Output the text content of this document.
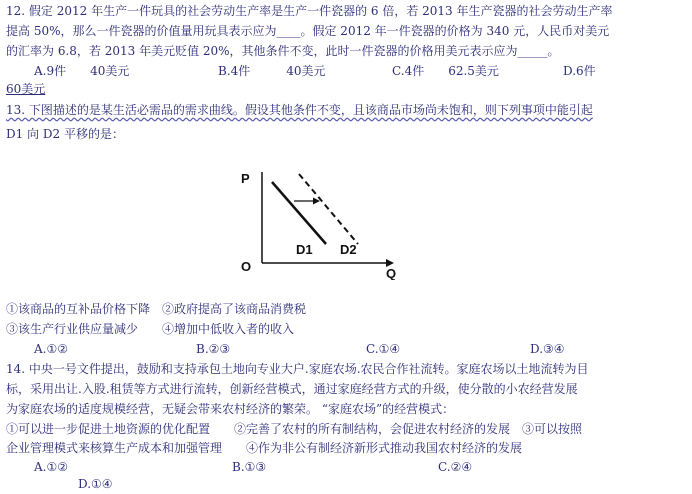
12. 假定 2012 年生产一件玩具的社会劳动生产率是生产一件瓷器的 6 倍，若 2013 年生产瓷器的社会劳动生产率
提高 50%，那么一件瓷器的价值量用玩具表示应为____。假定 2012 年一件瓷器的价格为 340 元，人民币对美元
的汇率为 6.8，若 2013 年美元贬值 20%，其他条件不变，此时一件瓷器的价格用美元表示应为_____。
A.9件　　40美元	B.4件　　　40美元	C.4件　　62.5美元	D.6件
60美元
13. 下图描述的是某生活必需品的需求曲线。假设其他条件不变，且该商品市场尚未饱和，则下列事项中能引起
D1 向 D2 平移的是：
P
Q
O
D1 D2
①该商品的互补品价格下降　②政府提高了该商品消费税
③该生产行业供应量减少　　④增加中低收入者的收入
A.①②	B.②③	C.①④	D.③④
14. 中央一号文件提出，鼓励和支持承包土地向专业大户.家庭农场.农民合作社流转。家庭农场以土地流转为目
标，采用出让.入股.租赁等方式进行流转，创新经营模式，通过家庭经营方式的升级，使分散的小农经营发展
为家庭农场的适度规模经营，无疑会带来农村经济的繁荣。 “家庭农场”的经营模式：
①可以进一步促进土地资源的优化配置　　②完善了农村的所有制结构，会促进农村经济的发展　③可以按照
企业管理模式来核算生产成本和加强管理　　④作为非公有制经济新形式推动我国农村经济的发展
A.①②	B.①③	C.②④
D.①④
